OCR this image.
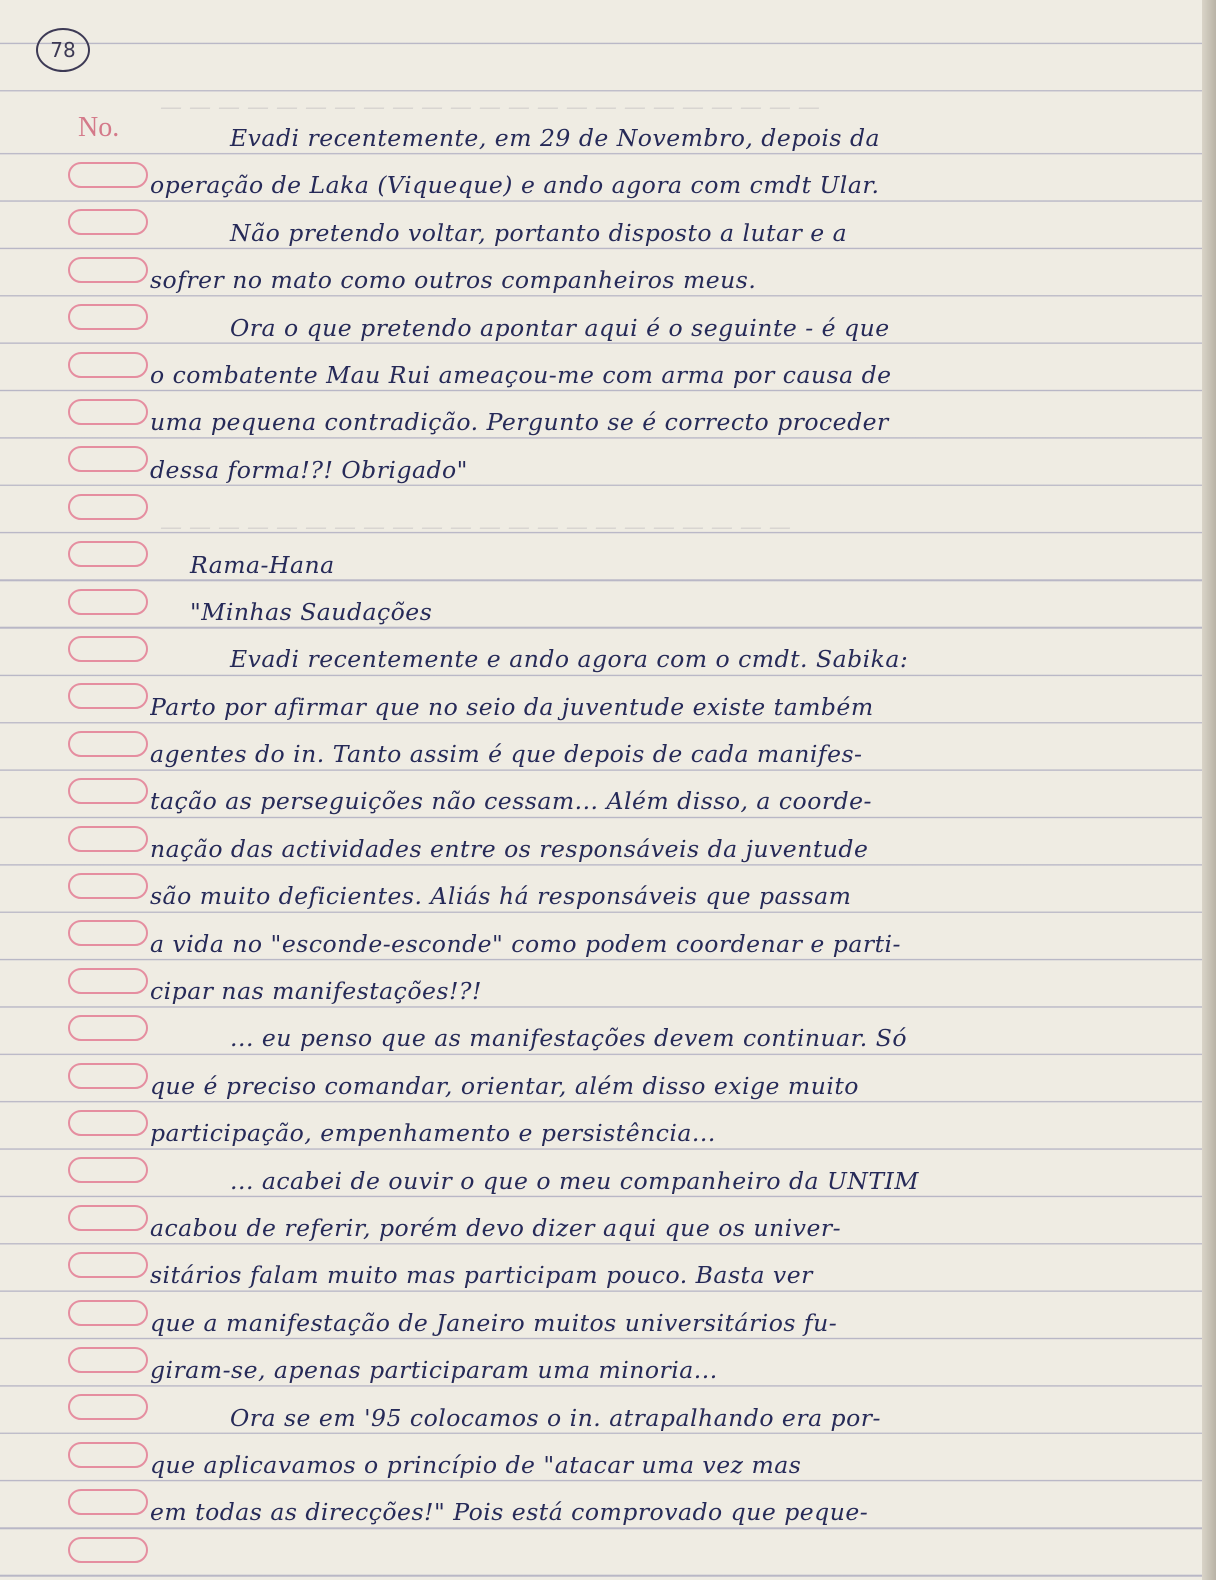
78
No.
— — — — — — — — — — — — — — — — — — — — — — —
— — — — — — — — — — — — — — — — — — — — — —
Evadi recentemente, em 29 de Novembro, depois da
operação de Laka (Viqueque) e ando agora com cmdt Ular.
Não pretendo voltar, portanto disposto a lutar e a
sofrer no mato como outros companheiros meus.
Ora o que pretendo apontar aqui é o seguinte - é que
o combatente Mau Rui ameaçou-me com arma por causa de
uma pequena contradição. Pergunto se é correcto proceder
dessa forma!?! Obrigado"
Rama-Hana
"Minhas Saudações
Evadi recentemente e ando agora com o cmdt. Sabika:
Parto por afirmar que no seio da juventude existe também
agentes do in. Tanto assim é que depois de cada manifes-
tação as perseguições não cessam... Além disso, a coorde-
nação das actividades entre os responsáveis da juventude
são muito deficientes. Aliás há responsáveis que passam
a vida no "esconde-esconde" como podem coordenar e parti-
cipar nas manifestações!?!
... eu penso que as manifestações devem continuar. Só
que é preciso comandar, orientar, além disso exige muito
participação, empenhamento e persistência...
... acabei de ouvir o que o meu companheiro da UNTIM
acabou de referir, porém devo dizer aqui que os univer-
sitários falam muito mas participam pouco. Basta ver
que a manifestação de Janeiro muitos universitários fu-
giram-se, apenas participaram uma minoria...
Ora se em '95 colocamos o in. atrapalhando era por-
que aplicavamos o princípio de "atacar uma vez mas
em todas as direcções!" Pois está comprovado que peque-
